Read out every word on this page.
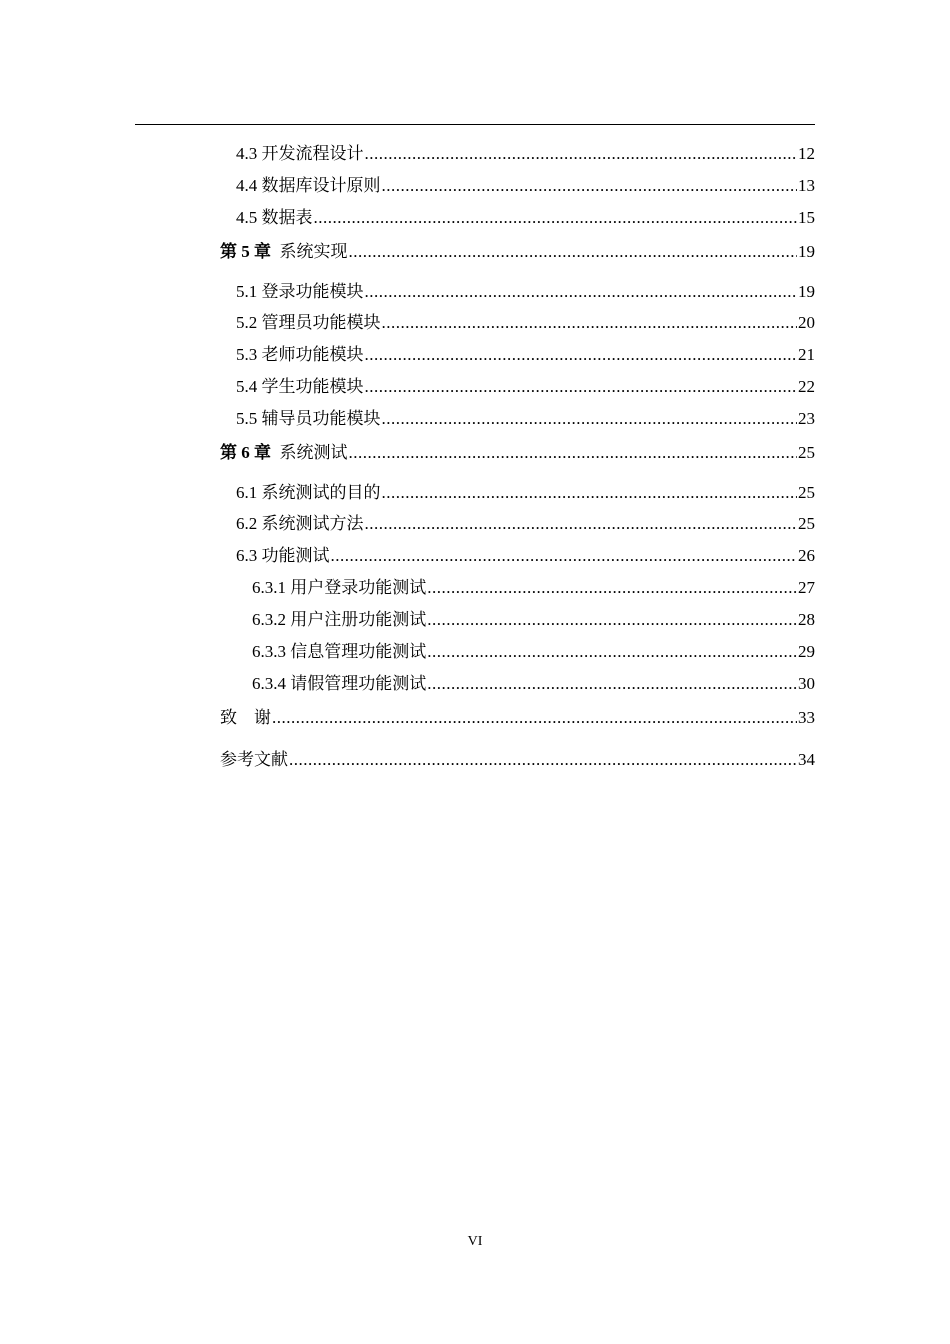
4.3 开发流程设计 .....	12
4.4 数据库设计原则 .....	13
4.5 数据表 .....	15
第 5 章 系统实现 .....	19
5.1 登录功能模块 .....	19
5.2 管理员功能模块 .....	20
5.3 老师功能模块 .....	21
5.4 学生功能模块 .....	22
5.5 辅导员功能模块 .....	23
第 6 章 系统测试 .....	25
6.1 系统测试的目的 .....	25
6.2 系统测试方法 .....	25
6.3 功能测试 .....	26
6.3.1 用户登录功能测试 .....	27
6.3.2 用户注册功能测试 .....	28
6.3.3 信息管理功能测试 .....	29
6.3.4 请假管理功能测试 .....	30
致　谢 .....	33
参考文献 .....	34
VI
